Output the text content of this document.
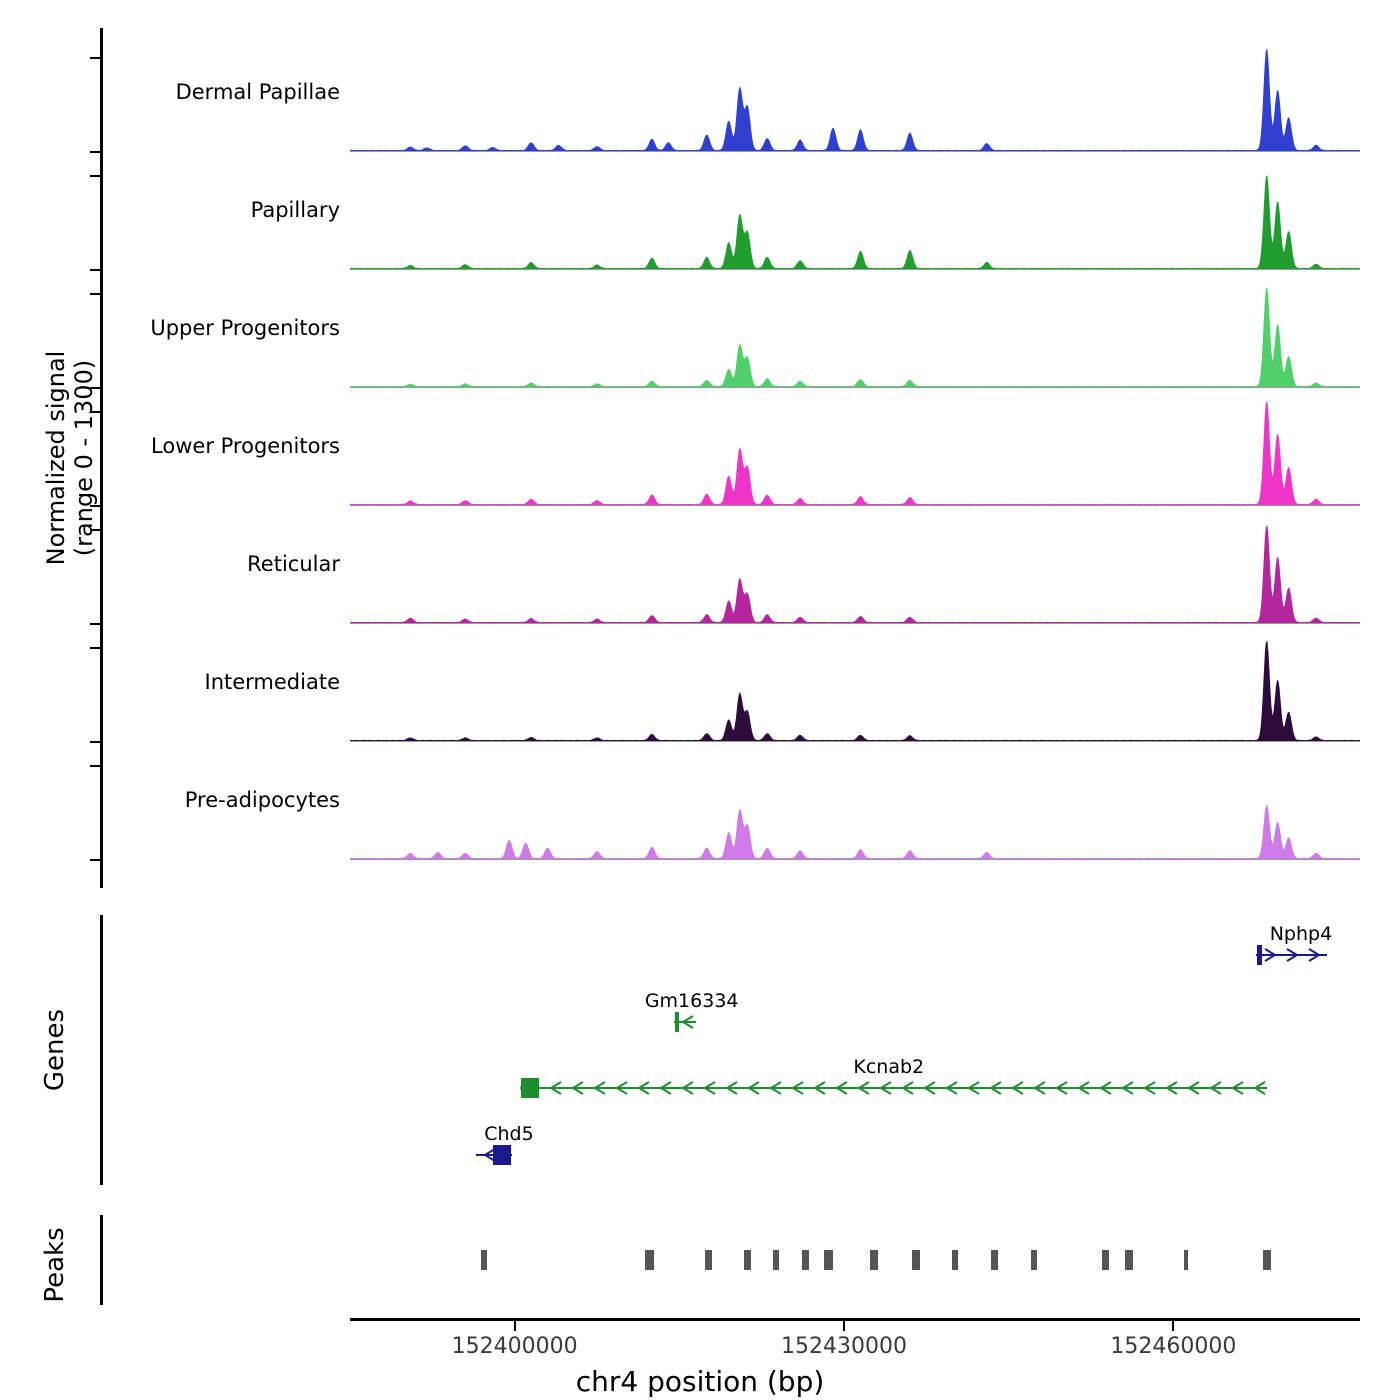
Dermal Papillae
Papillary
Upper Progenitors
Lower Progenitors
Reticular
Intermediate
Pre-adipocytes
Normalized signal (range 0 - 1300)
Genes
Nphp4
Gm16334
Kcnab2
Chd5
Peaks
152400000	152430000	152460000
chr4 position (bp)
